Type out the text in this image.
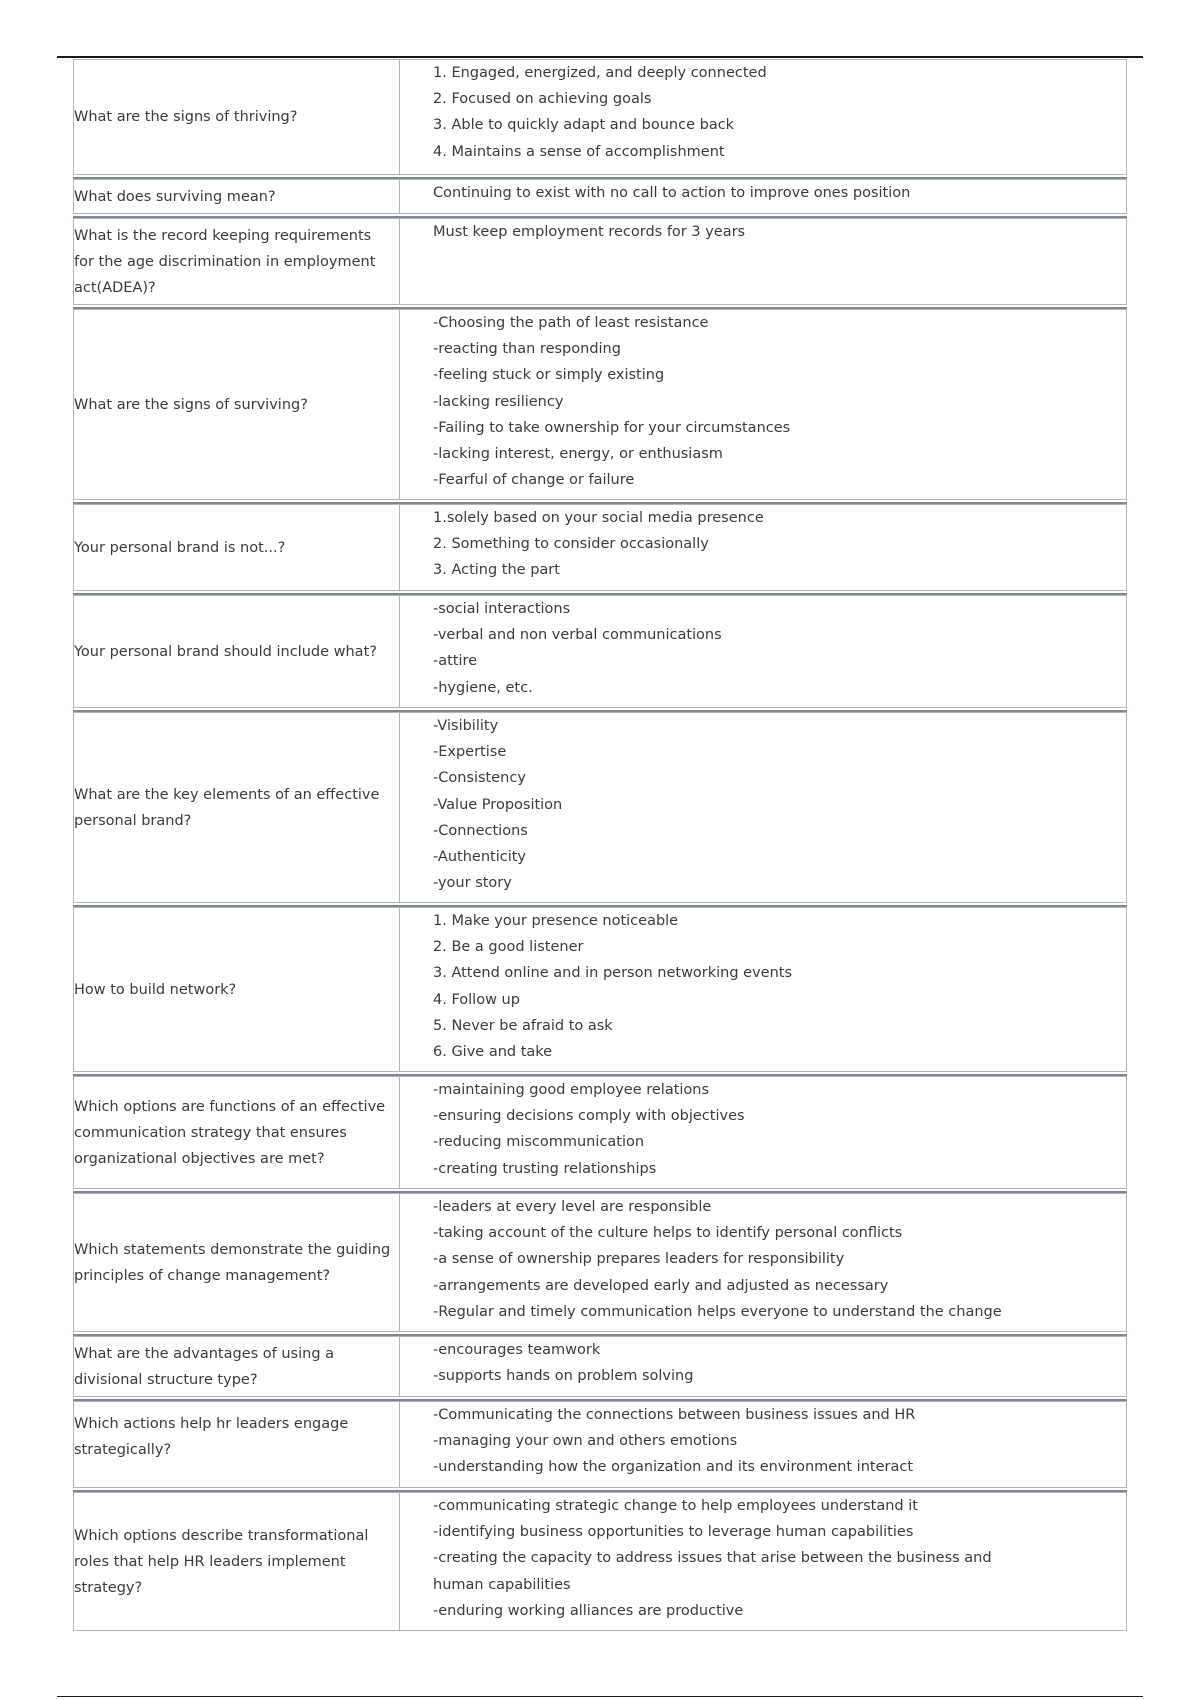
What are the signs of thriving?
1. Engaged, energized, and deeply connected
2. Focused on achieving goals
3. Able to quickly adapt and bounce back
4. Maintains a sense of accomplishment
What does surviving mean?	Continuing to exist with no call to action to improve ones position
What is the record keeping requirements for the age discrimination in employment act(ADEA)?
Must keep employment records for 3 years
What are the signs of surviving?
-Choosing the path of least resistance
-reacting than responding
-feeling stuck or simply existing
-lacking resiliency
-Failing to take ownership for your circumstances
-lacking interest, energy, or enthusiasm
-Fearful of change or failure
Your personal brand is not...?
1.solely based on your social media presence
2. Something to consider occasionally
3. Acting the part
Your personal brand should include what?
-social interactions
-verbal and non verbal communications
-attire
-hygiene, etc.
What are the key elements of an effective personal brand?
-Visibility
-Expertise
-Consistency
-Value Proposition
-Connections
-Authenticity
-your story
How to build network?
1. Make your presence noticeable
2. Be a good listener
3. Attend online and in person networking events
4. Follow up
5. Never be afraid to ask
6. Give and take
Which options are functions of an effective communication strategy that ensures organizational objectives are met?
-maintaining good employee relations
-ensuring decisions comply with objectives
-reducing miscommunication
-creating trusting relationships
Which statements demonstrate the guiding principles of change management?
-leaders at every level are responsible
-taking account of the culture helps to identify personal conflicts
-a sense of ownership prepares leaders for responsibility
-arrangements are developed early and adjusted as necessary
-Regular and timely communication helps everyone to understand the change
What are the advantages of using a divisional structure type?
-encourages teamwork
-supports hands on problem solving
Which actions help hr leaders engage strategically?
-Communicating the connections between business issues and HR
-managing your own and others emotions
-understanding how the organization and its environment interact
Which options describe transformational roles that help HR leaders implement strategy?
-communicating strategic change to help employees understand it
-identifying business opportunities to leverage human capabilities
-creating the capacity to address issues that arise between the business and
human capabilities
-enduring working alliances are productive
